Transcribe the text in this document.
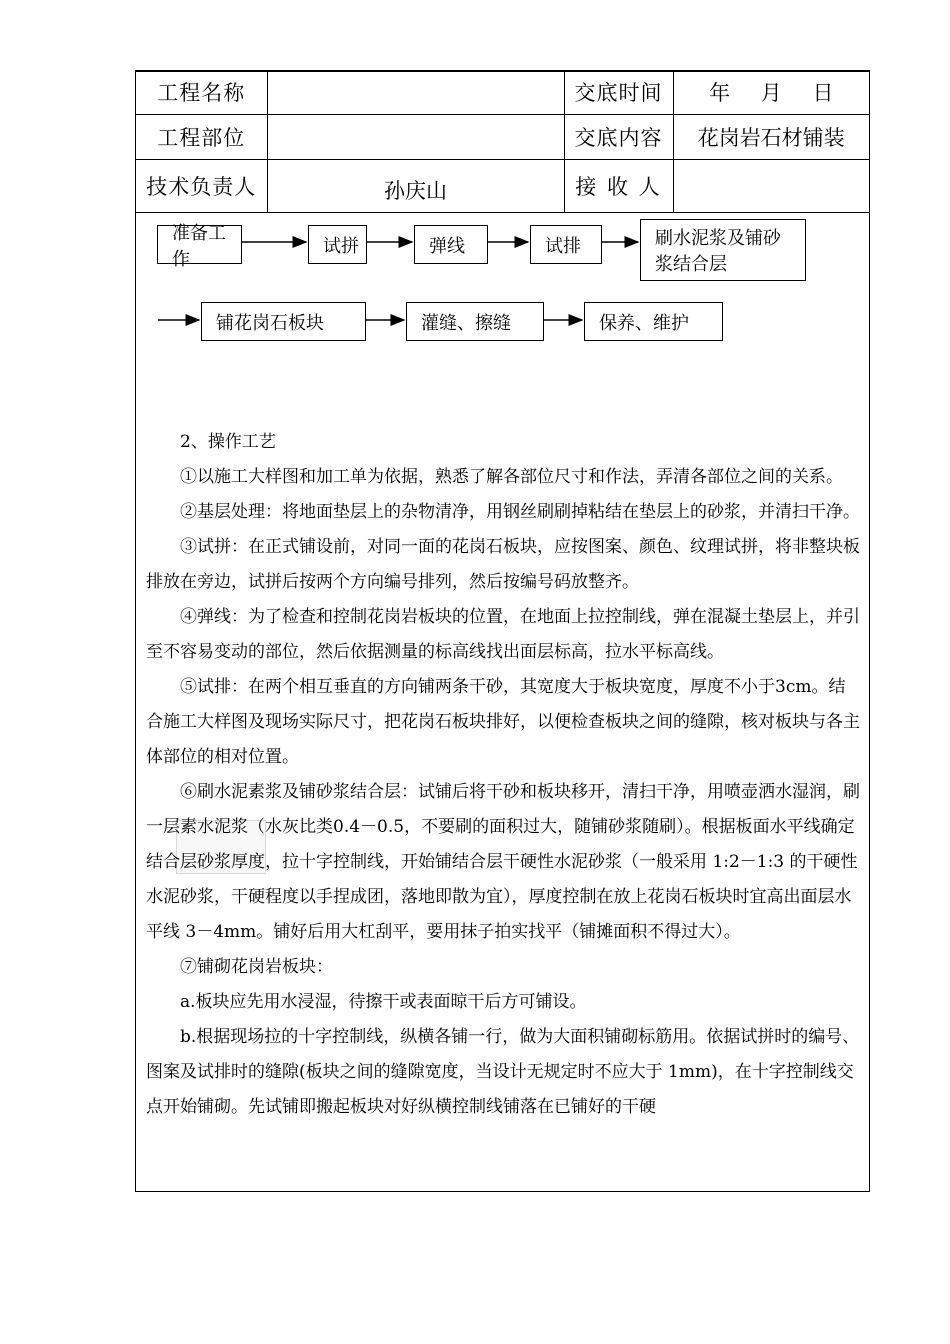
工程名称		交底时间	年 月 日
工程部位		交底内容	花岗岩石材铺装
技术负责人	孙庆山	接 收 人	
准备工作
试拼	弹线	试排	刷水泥浆及铺砂
浆结合层
铺花岗石板块	灌缝、擦缝	保养、维护

2、操作工艺

①以施工大样图和加工单为依据，熟悉了解各部位尺寸和作法，弄清各部位之间的关系。

②基层处理：将地面垫层上的杂物清净，用钢丝刷刷掉粘结在垫层上的砂浆，并清扫干净。

③试拼：在正式铺设前，对同一面的花岗石板块，应按图案、颜色、纹理试拼，将非整块板排放在旁边，试拼后按两个方向编号排列，然后按编号码放整齐。

④弹线：为了检查和控制花岗岩板块的位置，在地面上拉控制线，弹在混凝土垫层上，并引至不容易变动的部位，然后依据测量的标高线找出面层标高，拉水平标高线。

⑤试排：在两个相互垂直的方向铺两条干砂，其宽度大于板块宽度，厚度不小于3cm。结合施工大样图及现场实际尺寸，把花岗石板块排好，以便检查板块之间的缝隙，核对板块与各主体部位的相对位置。

⑥刷水泥素浆及铺砂浆结合层：试铺后将干砂和板块移开，清扫干净，用喷壶洒水湿润，刷一层素水泥浆（水灰比类0.4－0.5，不要刷的面积过大，随铺砂浆随刷）。根据板面水平线确定结合层砂浆厚度，拉十字控制线，开始铺结合层干硬性水泥砂浆（一般采用 1:2－1:3 的干硬性水泥砂浆，干硬程度以手捏成团，落地即散为宜），厚度控制在放上花岗石板块时宜高出面层水平线 3－4mm。铺好后用大杠刮平，要用抹子拍实找平（铺摊面积不得过大）。

⑦铺砌花岗岩板块：

a.板块应先用水浸湿，待擦干或表面晾干后方可铺设。

b.根据现场拉的十字控制线，纵横各铺一行，做为大面积铺砌标筋用。依据试拼时的编号、图案及试排时的缝隙(板块之间的缝隙宽度，当设计无规定时不应大于 1mm)，在十字控制线交点开始铺砌。先试铺即搬起板块对好纵横控制线铺落在已铺好的干硬
